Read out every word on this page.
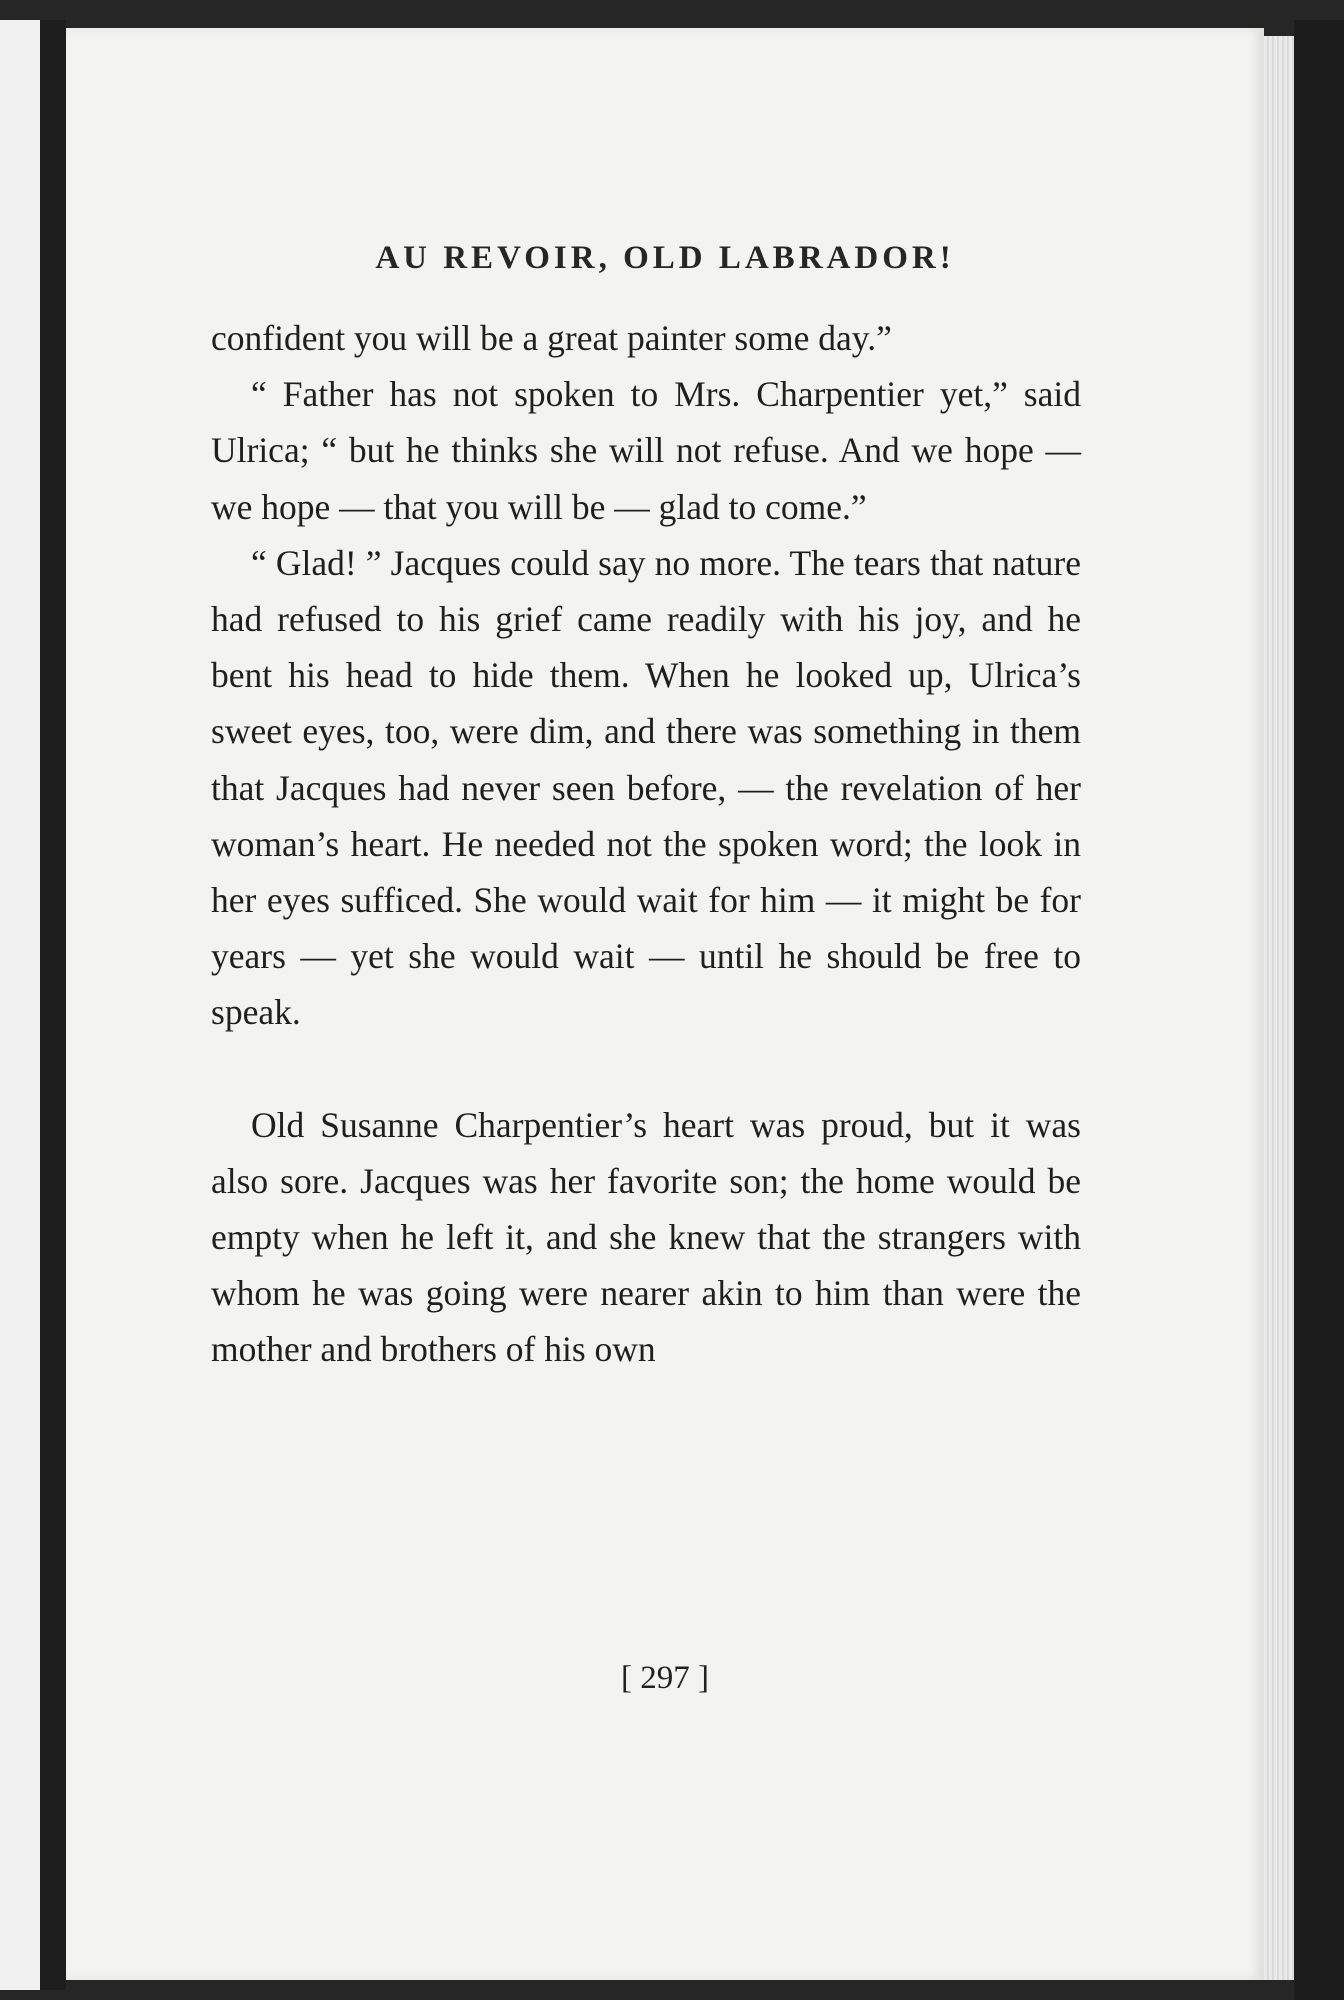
AU REVOIR, OLD LABRADOR!

confident you will be a great painter some day.”

“ Father has not spoken to Mrs. Charpentier yet,” said Ulrica; “ but he thinks she will not refuse. And we hope — we hope — that you will be — glad to come.”

“ Glad! ” Jacques could say no more. The tears that nature had refused to his grief came readily with his joy, and he bent his head to hide them. When he looked up, Ulrica’s sweet eyes, too, were dim, and there was something in them that Jacques had never seen before, — the revelation of her woman’s heart. He needed not the spoken word; the look in her eyes sufficed. She would wait for him — it might be for years — yet she would wait — until he should be free to speak.

Old Susanne Charpentier’s heart was proud, but it was also sore. Jacques was her favorite son; the home would be empty when he left it, and she knew that the strangers with whom he was going were nearer akin to him than were the mother and brothers of his own

[ 297 ]
